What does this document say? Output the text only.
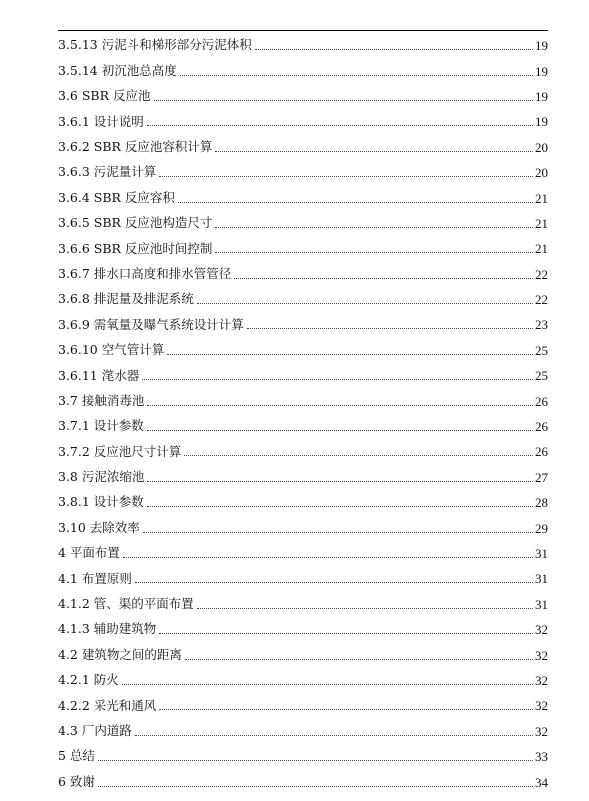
3.5.13 污泥斗和梯形部分污泥体积	19
3.5.14 初沉池总高度	19
3.6 SBR 反应池	19
3.6.1 设计说明	19
3.6.2 SBR 反应池容积计算	20
3.6.3 污泥量计算	20
3.6.4 SBR 反应容积	21
3.6.5 SBR 反应池构造尺寸	21
3.6.6 SBR 反应池时间控制	21
3.6.7 排水口高度和排水管管径	22
3.6.8 排泥量及排泥系统	22
3.6.9 需氧量及曝气系统设计计算	23
3.6.10 空气管计算	25
3.6.11 滗水器	25
3.7 接触消毒池	26
3.7.1 设计参数	26
3.7.2 反应池尺寸计算	26
3.8 污泥浓缩池	27
3.8.1 设计参数	28
3.10 去除效率	29
4 平面布置	31
4.1 布置原则	31
4.1.2 管、渠的平面布置	31
4.1.3 辅助建筑物	32
4.2 建筑物之间的距离	32
4.2.1 防火	32
4.2.2 采光和通风	32
4.3 厂内道路	32
5 总结	33
6 致谢	34
